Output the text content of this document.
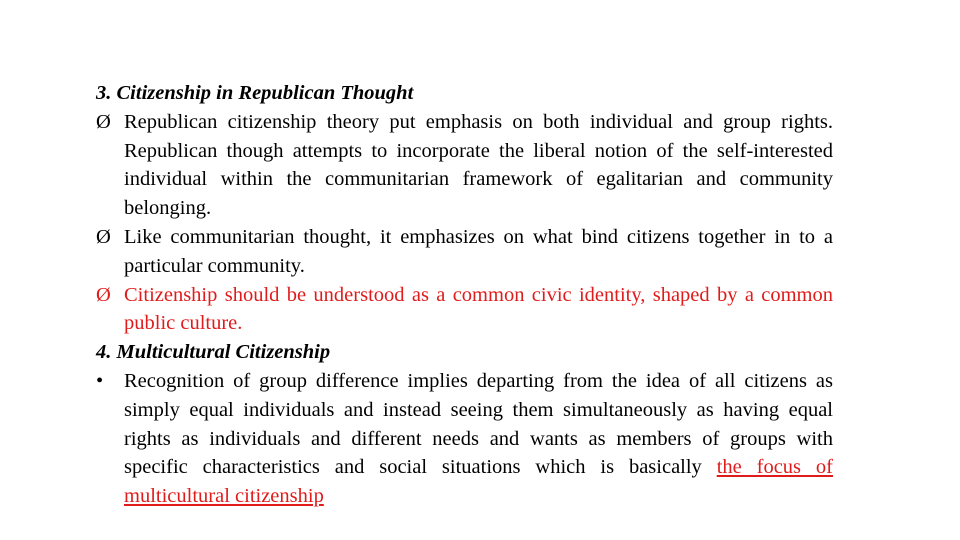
3. Citizenship in Republican Thought

Ø Republican citizenship theory put emphasis on both individual and group rights. Republican though attempts to incorporate the liberal notion of the self-interested individual within the communitarian framework of egalitarian and community belonging.

Ø Like communitarian thought, it emphasizes on what bind citizens together in to a particular community.

Ø Citizenship should be understood as a common civic identity, shaped by a common public culture.

4. Multicultural Citizenship

•	Recognition of group difference implies departing from the idea of all citizens as simply equal individuals and instead seeing them simultaneously as having equal rights as individuals and different needs and wants as members of groups with specific characteristics and social situations which is basically the focus of multicultural citizenship
